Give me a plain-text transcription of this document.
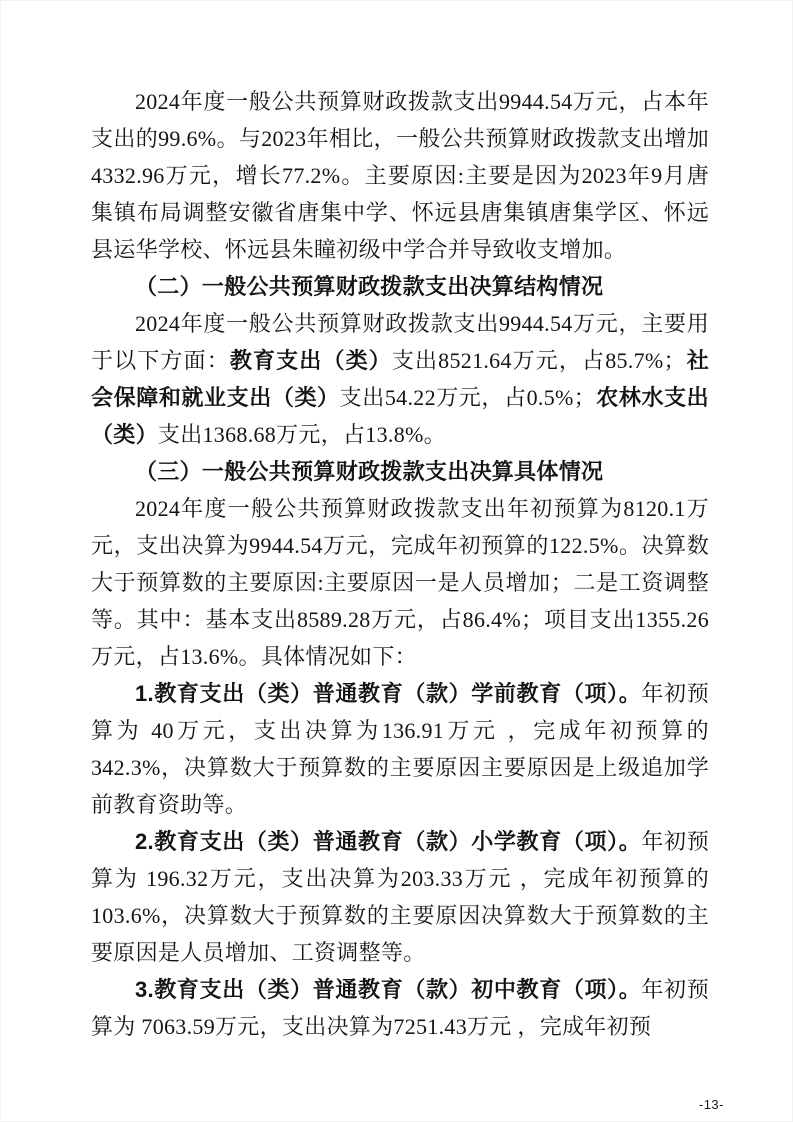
2024年度一般公共预算财政拨款支出9944.54万元，占本年支出的99.6%。与2023年相比，一般公共预算财政拨款支出增加4332.96万元，增长77.2%。主要原因:主要是因为2023年9月唐集镇布局调整安徽省唐集中学、怀远县唐集镇唐集学区、怀远县运华学校、怀远县朱瞳初级中学合并导致收支增加。

（二）一般公共预算财政拨款支出决算结构情况

2024年度一般公共预算财政拨款支出9944.54万元，主要用于以下方面：教育支出（类）支出8521.64万元，占85.7%；社会保障和就业支出（类）支出54.22万元，占0.5%；农林水支出（类）支出1368.68万元，占13.8%。

（三）一般公共预算财政拨款支出决算具体情况

2024年度一般公共预算财政拨款支出年初预算为8120.1万元，支出决算为9944.54万元，完成年初预算的122.5%。决算数大于预算数的主要原因:主要原因一是人员增加；二是工资调整等。其中：基本支出8589.28万元，占86.4%；项目支出1355.26万元，占13.6%。具体情况如下：

1.教育支出（类）普通教育（款）学前教育（项）。年初预算为 40万元，支出决算为136.91万元 ，完成年初预算的342.3%，决算数大于预算数的主要原因主要原因是上级追加学前教育资助等。

2.教育支出（类）普通教育（款）小学教育（项）。年初预算为 196.32万元，支出决算为203.33万元 ，完成年初预算的103.6%，决算数大于预算数的主要原因决算数大于预算数的主要原因是人员增加、工资调整等。

3.教育支出（类）普通教育（款）初中教育（项）。年初预算为 7063.59万元，支出决算为7251.43万元 ，完成年初预

-13-
